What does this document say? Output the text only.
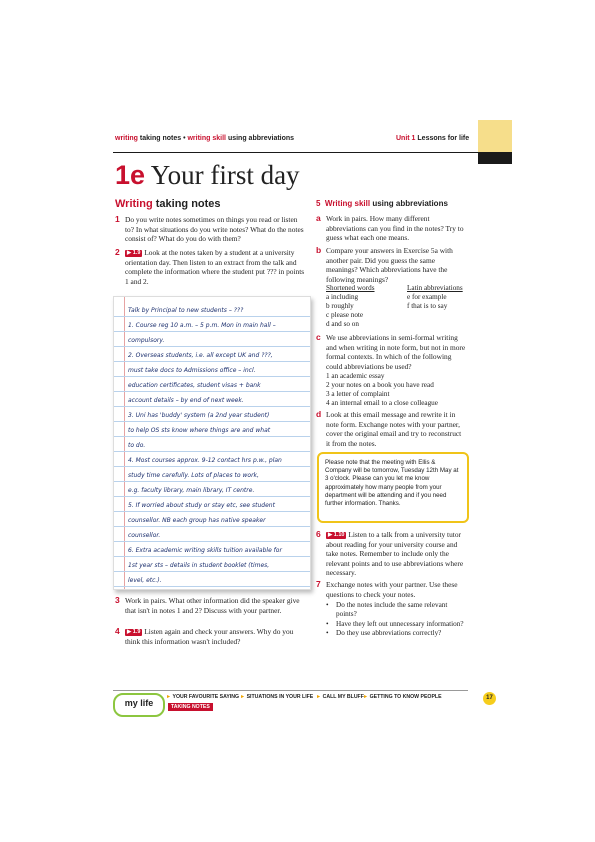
writing taking notes • writing skill using abbreviations	Unit 1 Lessons for life
1e Your first day
Writing taking notes
1 Do you write notes sometimes on things you read or listen to? In what situations do you write notes? What do the notes consist of? What do you do with them?
2	▶ 1.9 Look at the notes taken by a student at a university orientation day. Then listen to an extract from the talk and complete the information where the student put ??? in points 1 and 2.
Talk by Principal to new students – ???
1. Course reg 10 a.m. – 5 p.m. Mon in main hall –
compulsory.
2. Overseas students, i.e. all except UK and ???,
must take docs to Admissions office – incl.
education certificates, student visas + bank
account details – by end of next week.
3. Uni has 'buddy' system (a 2nd year student)
to help OS sts know where things are and what
to do.
4. Most courses approx. 9-12 contact hrs p.w., plan
study time carefully. Lots of places to work,
e.g. faculty library, main library, IT centre.
5. If worried about study or stay etc, see student
counsellor. NB each group has native speaker
counsellor.
6. Extra academic writing skills tuition available for
1st year sts – details in student booklet (times,
level, etc.).
3 Work in pairs. What other information did the speaker give that isn't in notes 1 and 2? Discuss with your partner.
4	▶ 1.9 Listen again and check your answers. Why do you think this information wasn't included?
5 Writing skill using abbreviations
a Work in pairs. How many different abbreviations can you find in the notes? Try to guess what each one means.
b Compare your answers in Exercise 5a with another pair. Did you guess the same meanings? Which abbreviations have the following meanings?
Shortened words
a including
b roughly
c please note
d and so on
Latin abbreviations
e for example
f that is to say
c We use abbreviations in semi-formal writing and when writing in note form, but not in more formal contexts. In which of the following could abbreviations be used?
1 an academic essay
2 your notes on a book you have read
3 a letter of complaint
4 an internal email to a close colleague
d Look at this email message and rewrite it in note form. Exchange notes with your partner, cover the original email and try to reconstruct it from the notes.
Please note that the meeting with Ellis & Company will be tomorrow, Tuesday 12th May at 3 o'clock. Please can you let me know approximately how many people from your department will be attending and if you need further information. Thanks.
6	▶ 1.10 Listen to a talk from a university tutor about reading for your university course and take notes. Remember to include only the relevant points and to use abbreviations where necessary.
7 Exchange notes with your partner. Use these questions to check your notes.
• Do the notes include the same relevant points?
• Have they left out unnecessary information?
• Do they use abbreviations correctly?
my life
► YOUR FAVOURITE SAYING ► SITUATIONS IN YOUR LIFE ► CALL MY BLUFF ► GETTING TO KNOW PEOPLE
TAKING NOTES
17
